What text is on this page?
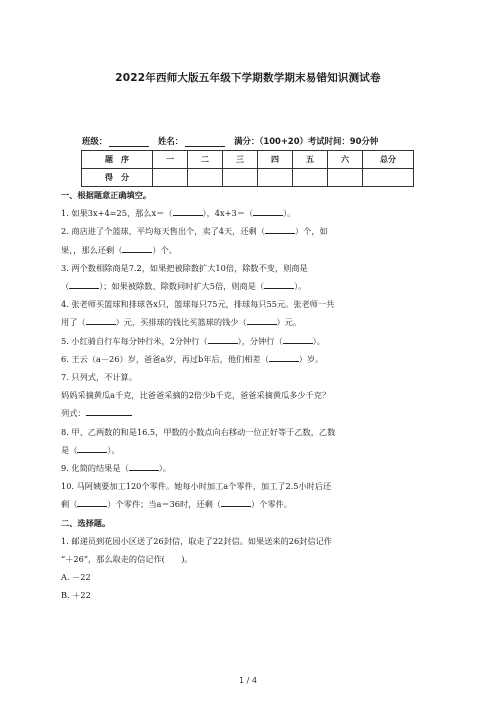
2022年西师大版五年级下学期数学期末易错知识测试卷
班级：	姓名：	满分：（100+20）考试时间：90分钟
题　序	一	二	三	四	五	六	总分
得　分							

一、根据题意正确填空。

1. 如果3x+4=25，那么x＝（	），4x+3＝（	）。

2. 商店进了个篮球，平均每天售出个，卖了4天，还剩（	）个，如

果，，那么还剩（	）个。

3. 两个数相除商是7.2，如果把被除数扩大10倍，除数不变，则商是

（	）；如果被除数、除数同时扩大5倍，则商是（	）。

4. 张老师买篮球和排球各x只，篮球每只75元，排球每只55元。张老师一共

用了（	）元，买排球的钱比买篮球的钱少（	）元。

5. 小红骑自行车每分钟行米，2分钟行（	），分钟行（	）。

6. 王云（a－26）岁，爸爸a岁，再过b年后，他们相差（	）岁。

7. 只列式，不计算。

妈妈采摘黄瓜a千克，比爸爸采摘的2倍少b千克，爸爸采摘黄瓜多少千克？

列式：

8. 甲、乙两数的和是16.5，甲数的小数点向右移动一位正好等于乙数，乙数

是（	）。

9. 化简的结果是（	）。

10. 马阿姨要加工120个零件。她每小时加工a个零件，加工了2.5小时后还

剩（	）个零件；当a＝36时，还剩（	）个零件。

二、选择题。

1. 邮递员到花园小区送了26封信，取走了22封信。如果送来的26封信记作

“＋26”，那么取走的信记作(　　)。

A. －22

B. ＋22

1 / 4
